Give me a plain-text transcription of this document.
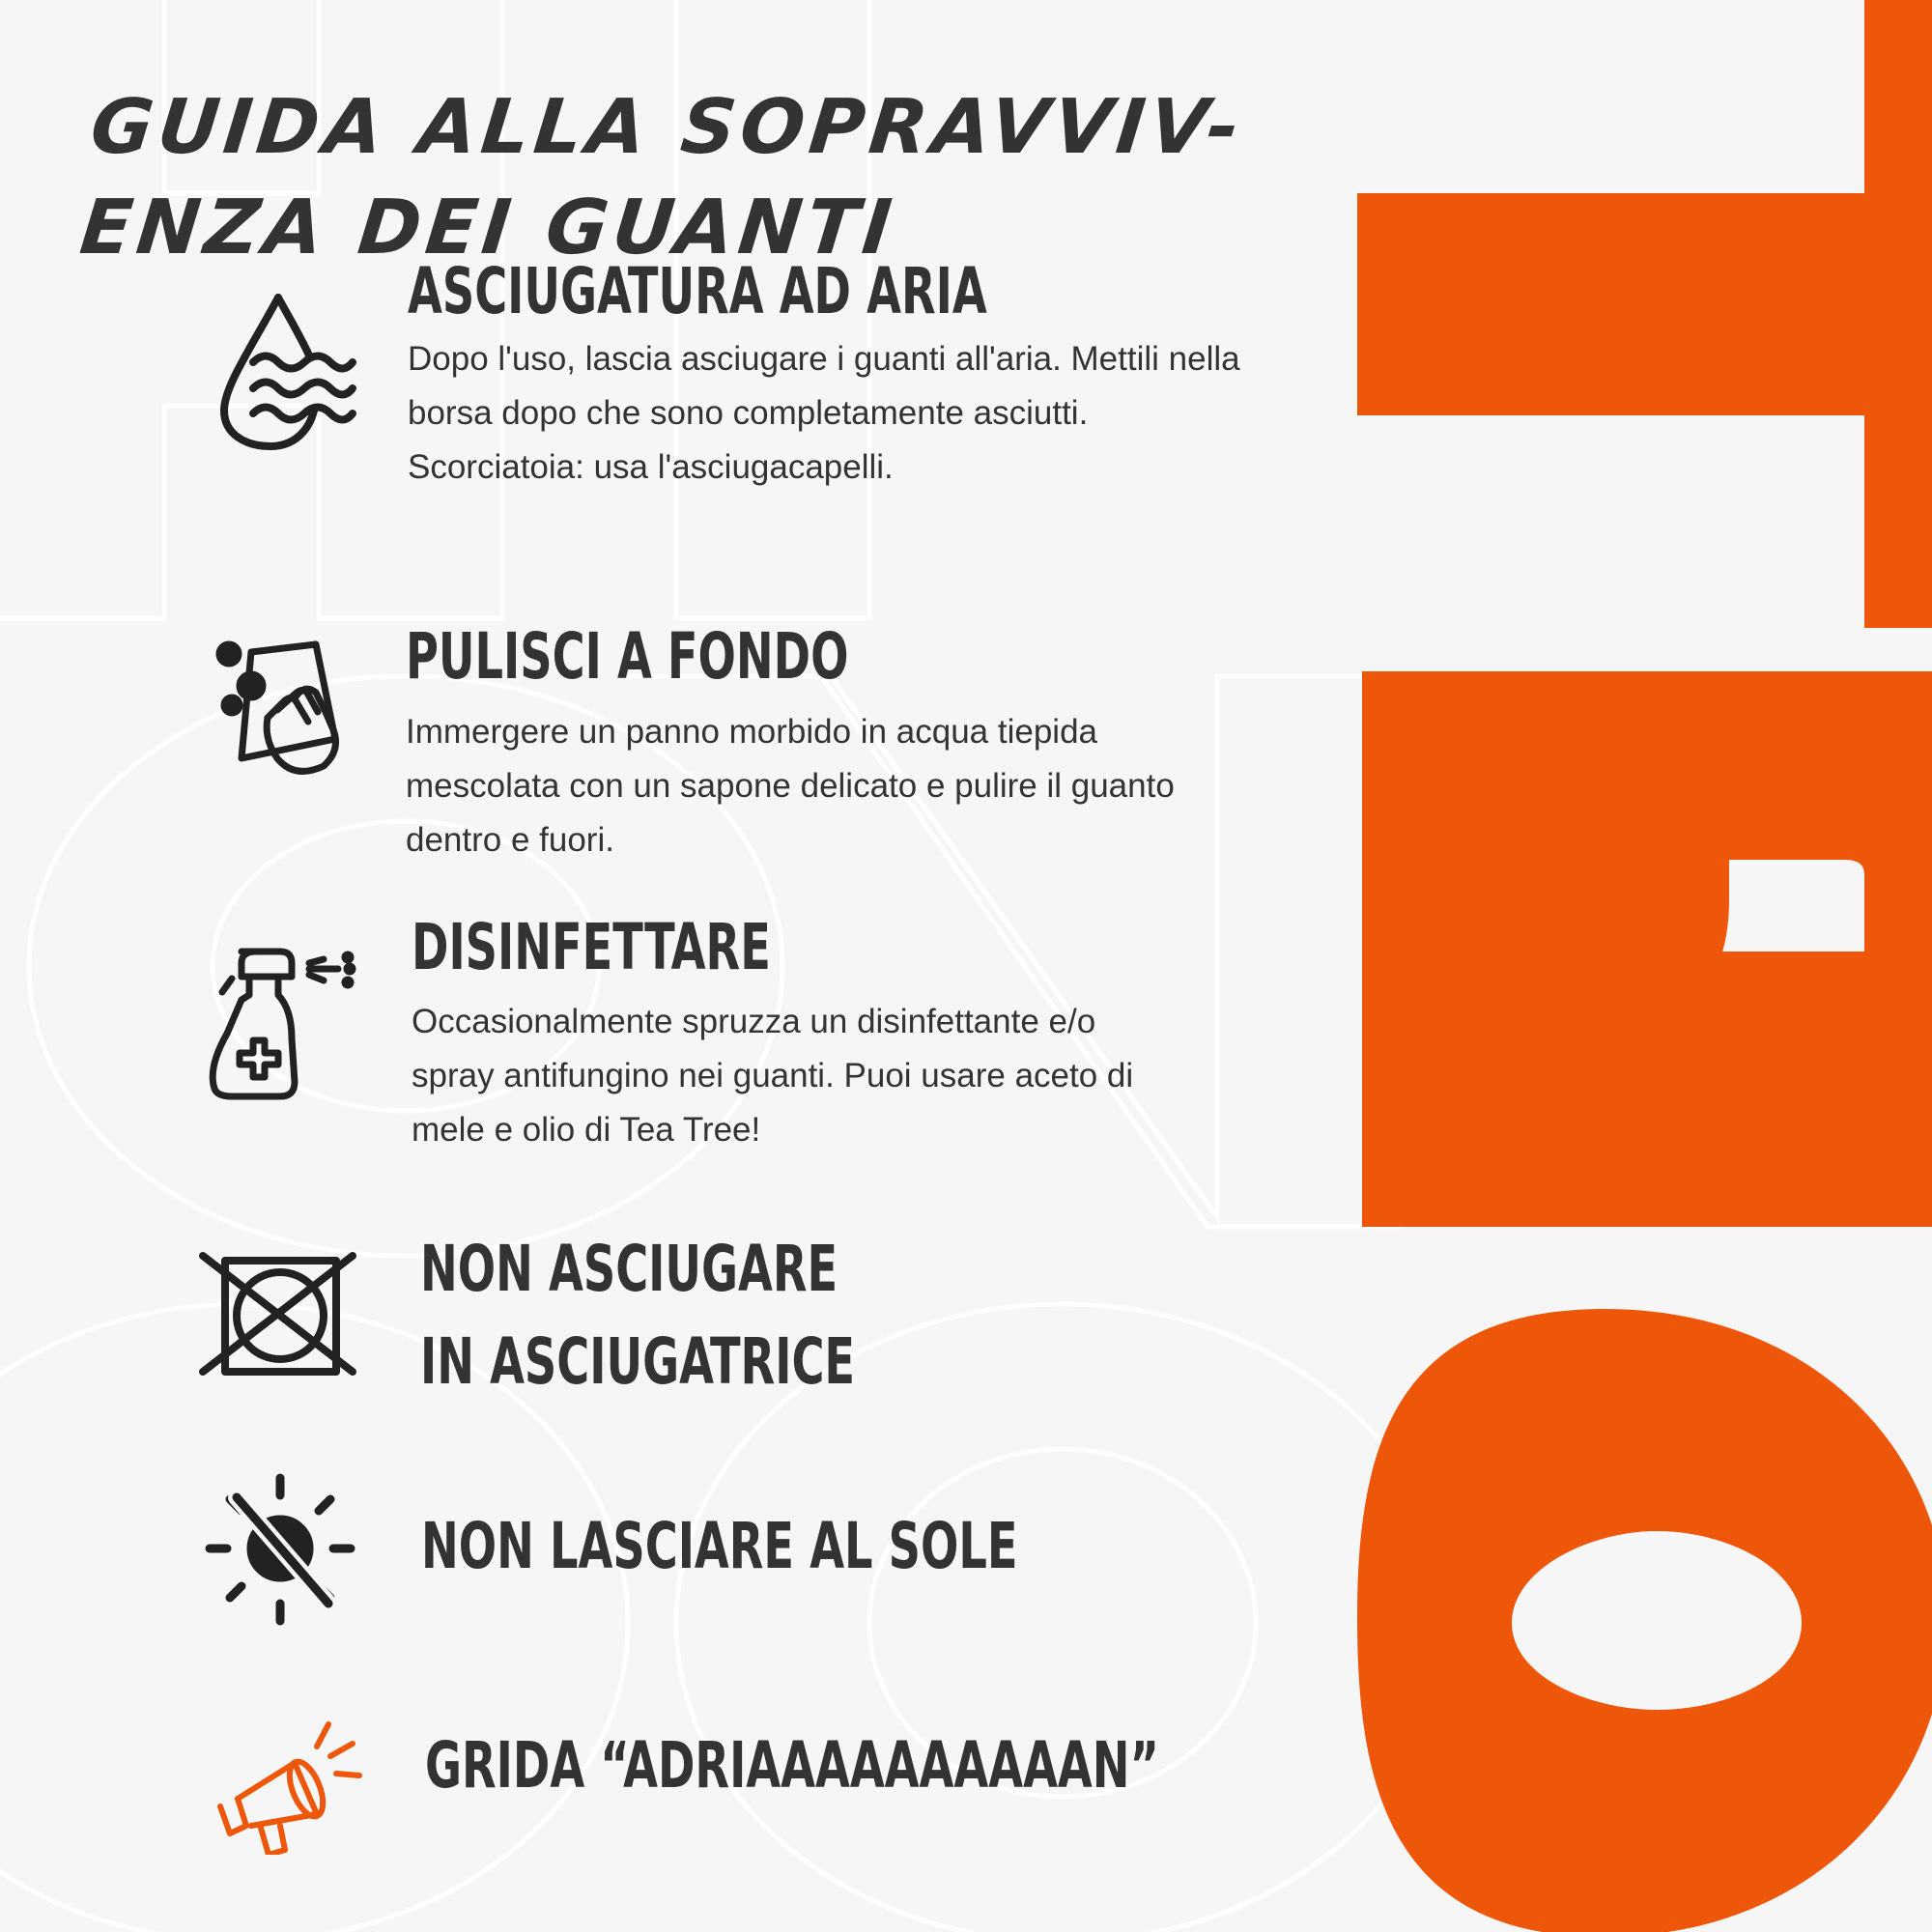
GUIDA ALLA SOPRAVVIV-
ENZA DEI GUANTI
ASCIUGATURA AD ARIA

Dopo l'uso, lascia asciugare i guanti all'aria. Mettili nella borsa dopo che sono completamente asciutti. Scorciatoia: usa l'asciugacapelli.

PULISCI A FONDO

Immergere un panno morbido in acqua tiepida mescolata con un sapone delicato e pulire il guanto dentro e fuori.

DISINFETTARE

Occasionalmente spruzza un disinfettante e/o spray antifungino nei guanti. Puoi usare aceto di mele e olio di Tea Tree!

NON ASCIUGARE IN ASCIUGATRICE
NON LASCIARE AL SOLE
GRIDA “ADRIAAAAAAAAAAN”
